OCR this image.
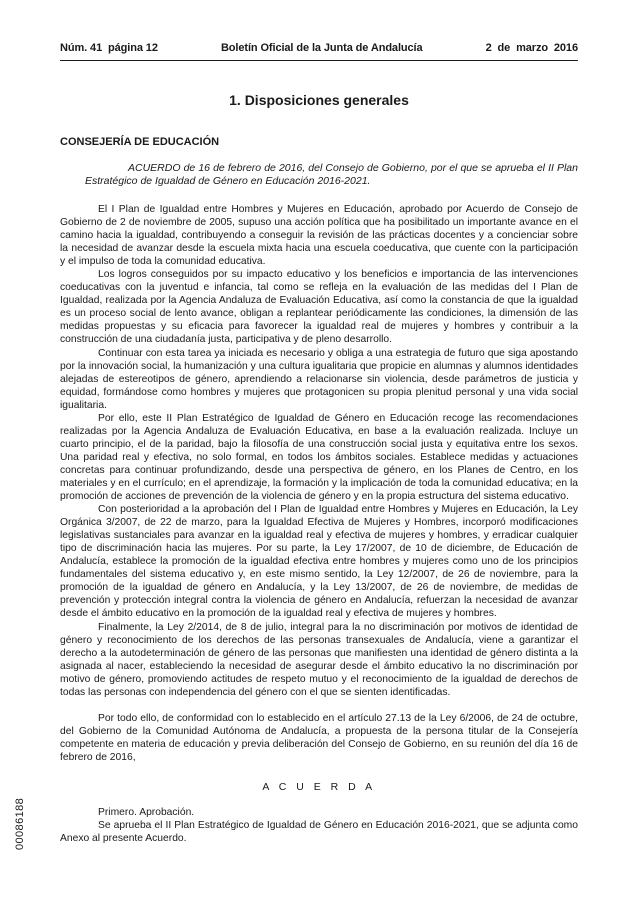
Núm. 41  página 12	Boletín Oficial de la Junta de Andalucía	2  de  marzo  2016
1. Disposiciones generales
CONSEJERÍA DE EDUCACIÓN
ACUERDO de 16 de febrero de 2016, del Consejo de Gobierno, por el que se aprueba el II Plan Estratégico de Igualdad de Género en Educación 2016-2021.

El I Plan de Igualdad entre Hombres y Mujeres en Educación, aprobado por Acuerdo de Consejo de Gobierno de 2 de noviembre de 2005, supuso una acción política que ha posibilitado un importante avance en el camino hacia la igualdad, contribuyendo a conseguir la revisión de las prácticas docentes y a concienciar sobre la necesidad de avanzar desde la escuela mixta hacia una escuela coeducativa, que cuente con la participación y el impulso de toda la comunidad educativa.

Los logros conseguidos por su impacto educativo y los beneficios e importancia de las intervenciones coeducativas con la juventud e infancia, tal como se refleja en la evaluación de las medidas del I Plan de Igualdad, realizada por la Agencia Andaluza de Evaluación Educativa, así como la constancia de que la igualdad es un proceso social de lento avance, obligan a replantear periódicamente las condiciones, la dimensión de las medidas propuestas y su eficacia para favorecer la igualdad real de mujeres y hombres y contribuir a la construcción de una ciudadanía justa, participativa y de pleno desarrollo.

Continuar con esta tarea ya iniciada es necesario y obliga a una estrategia de futuro que siga apostando por la innovación social, la humanización y una cultura igualitaria que propicie en alumnas y alumnos identidades alejadas de estereotipos de género, aprendiendo a relacionarse sin violencia, desde parámetros de justicia y equidad, formándose como hombres y mujeres que protagonicen su propia plenitud personal y una vida social igualitaria.

Por ello, este II Plan Estratégico de Igualdad de Género en Educación recoge las recomendaciones realizadas por la Agencia Andaluza de Evaluación Educativa, en base a la evaluación realizada. Incluye un cuarto principio, el de la paridad, bajo la filosofía de una construcción social justa y equitativa entre los sexos. Una paridad real y efectiva, no solo formal, en todos los ámbitos sociales. Establece medidas y actuaciones concretas para continuar profundizando, desde una perspectiva de género, en los Planes de Centro, en los materiales y en el currículo; en el aprendizaje, la formación y la implicación de toda la comunidad educativa; en la promoción de acciones de prevención de la violencia de género y en la propia estructura del sistema educativo.

Con posterioridad a la aprobación del I Plan de Igualdad entre Hombres y Mujeres en Educación, la Ley Orgánica 3/2007, de 22 de marzo, para la Igualdad Efectiva de Mujeres y Hombres, incorporó modificaciones legislativas sustanciales para avanzar en la igualdad real y efectiva de mujeres y hombres, y erradicar cualquier tipo de discriminación hacia las mujeres. Por su parte, la Ley 17/2007, de 10 de diciembre, de Educación de Andalucía, establece la promoción de la igualdad efectiva entre hombres y mujeres como uno de los principios fundamentales del sistema educativo y, en este mismo sentido, la Ley 12/2007, de 26 de noviembre, para la promoción de la igualdad de género en Andalucía, y la Ley 13/2007, de 26 de noviembre, de medidas de prevención y protección integral contra la violencia de género en Andalucía, refuerzan la necesidad de avanzar desde el ámbito educativo en la promoción de la igualdad real y efectiva de mujeres y hombres.

Finalmente, la Ley 2/2014, de 8 de julio, integral para la no discriminación por motivos de identidad de género y reconocimiento de los derechos de las personas transexuales de Andalucía, viene a garantizar el derecho a la autodeterminación de género de las personas que manifiesten una identidad de género distinta a la asignada al nacer, estableciendo la necesidad de asegurar desde el ámbito educativo la no discriminación por motivo de género, promoviendo actitudes de respeto mutuo y el reconocimiento de la igualdad de derechos de todas las personas con independencia del género con el que se sienten identificadas.

Por todo ello, de conformidad con lo establecido en el artículo 27.13 de la Ley 6/2006, de 24 de octubre, del Gobierno de la Comunidad Autónoma de Andalucía, a propuesta de la persona titular de la Consejería competente en materia de educación y previa deliberación del Consejo de Gobierno, en su reunión del día 16 de febrero de 2016,

A C U E R D A

Primero. Aprobación.

Se aprueba el II Plan Estratégico de Igualdad de Género en Educación 2016-2021, que se adjunta como Anexo al presente Acuerdo.

00086188
